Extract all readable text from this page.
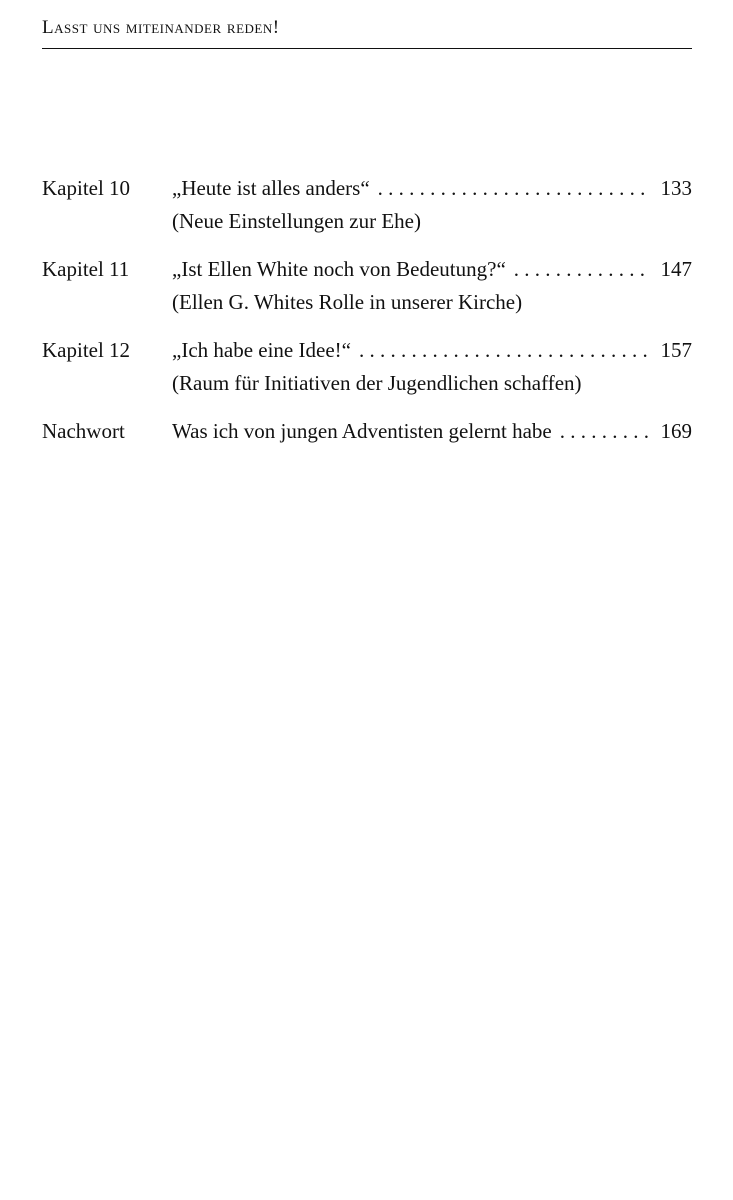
Lasst uns miteinander reden!
Kapitel 10 „Heute ist alles anders“ . . .	133
(Neue Einstellungen zur Ehe)
Kapitel 11 „Ist Ellen White noch von Bedeutung?“ . . .	147
(Ellen G. Whites Rolle in unserer Kirche)
Kapitel 12 „Ich habe eine Idee!“ . . .	157
(Raum für Initiativen der Jugendlichen schaffen)
Nachwort Was ich von jungen Adventisten gelernt habe . . .	169
